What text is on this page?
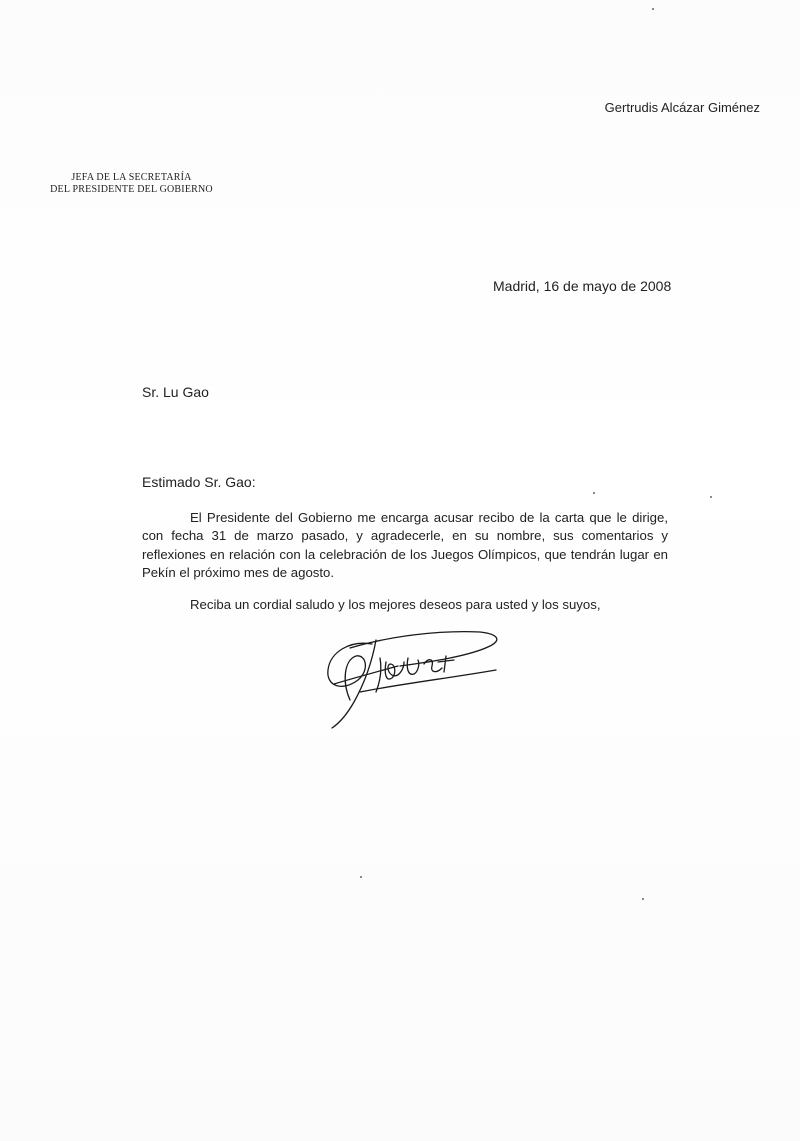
Gertrudis Alcázar Giménez
JEFA DE LA SECRETARÍA
DEL PRESIDENTE DEL GOBIERNO
Madrid, 16 de mayo de 2008
Sr. Lu Gao
Estimado Sr. Gao:
El Presidente del Gobierno me encarga acusar recibo de la carta que le dirige, con fecha 31 de marzo pasado, y agradecerle, en su nombre, sus comentarios y reflexiones en relación con la celebración de los Juegos Olímpicos, que tendrán lugar en Pekín el próximo mes de agosto.
Reciba un cordial saludo y los mejores deseos para usted y los suyos,
